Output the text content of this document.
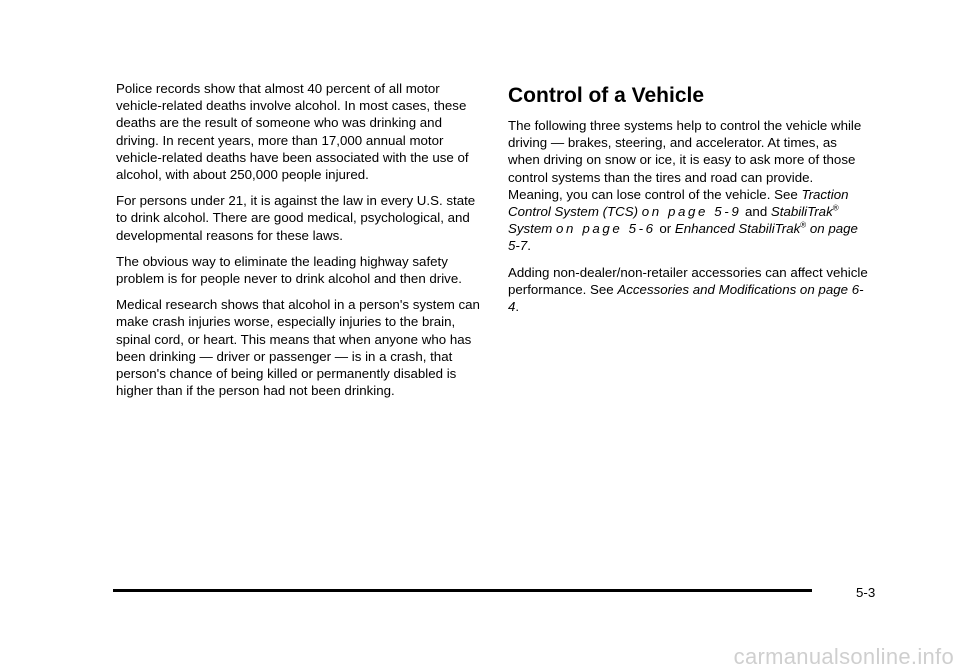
Police records show that almost 40 percent of all motor vehicle-related deaths involve alcohol. In most cases, these deaths are the result of someone who was drinking and driving. In recent years, more than 17,000 annual motor vehicle-related deaths have been associated with the use of alcohol, with about 250,000 people injured.

For persons under 21, it is against the law in every U.S. state to drink alcohol. There are good medical, psychological, and developmental reasons for these laws.

The obvious way to eliminate the leading highway safety problem is for people never to drink alcohol and then drive.

Medical research shows that alcohol in a person's system can make crash injuries worse, especially injuries to the brain, spinal cord, or heart. This means that when anyone who has been drinking — driver or passenger — is in a crash, that person's chance of being killed or permanently disabled is higher than if the person had not been drinking.

Control of a Vehicle

The following three systems help to control the vehicle while driving — brakes, steering, and accelerator. At times, as when driving on snow or ice, it is easy to ask more of those control systems than the tires and road can provide. Meaning, you can lose control of the vehicle. See Traction Control System (TCS) on page 5-9 and StabiliTrak® System on page 5-6 or Enhanced StabiliTrak® on page 5-7.

Adding non-dealer/non-retailer accessories can affect vehicle performance. See Accessories and Modifications on page 6-4.

5-3
carmanualsonline.info
